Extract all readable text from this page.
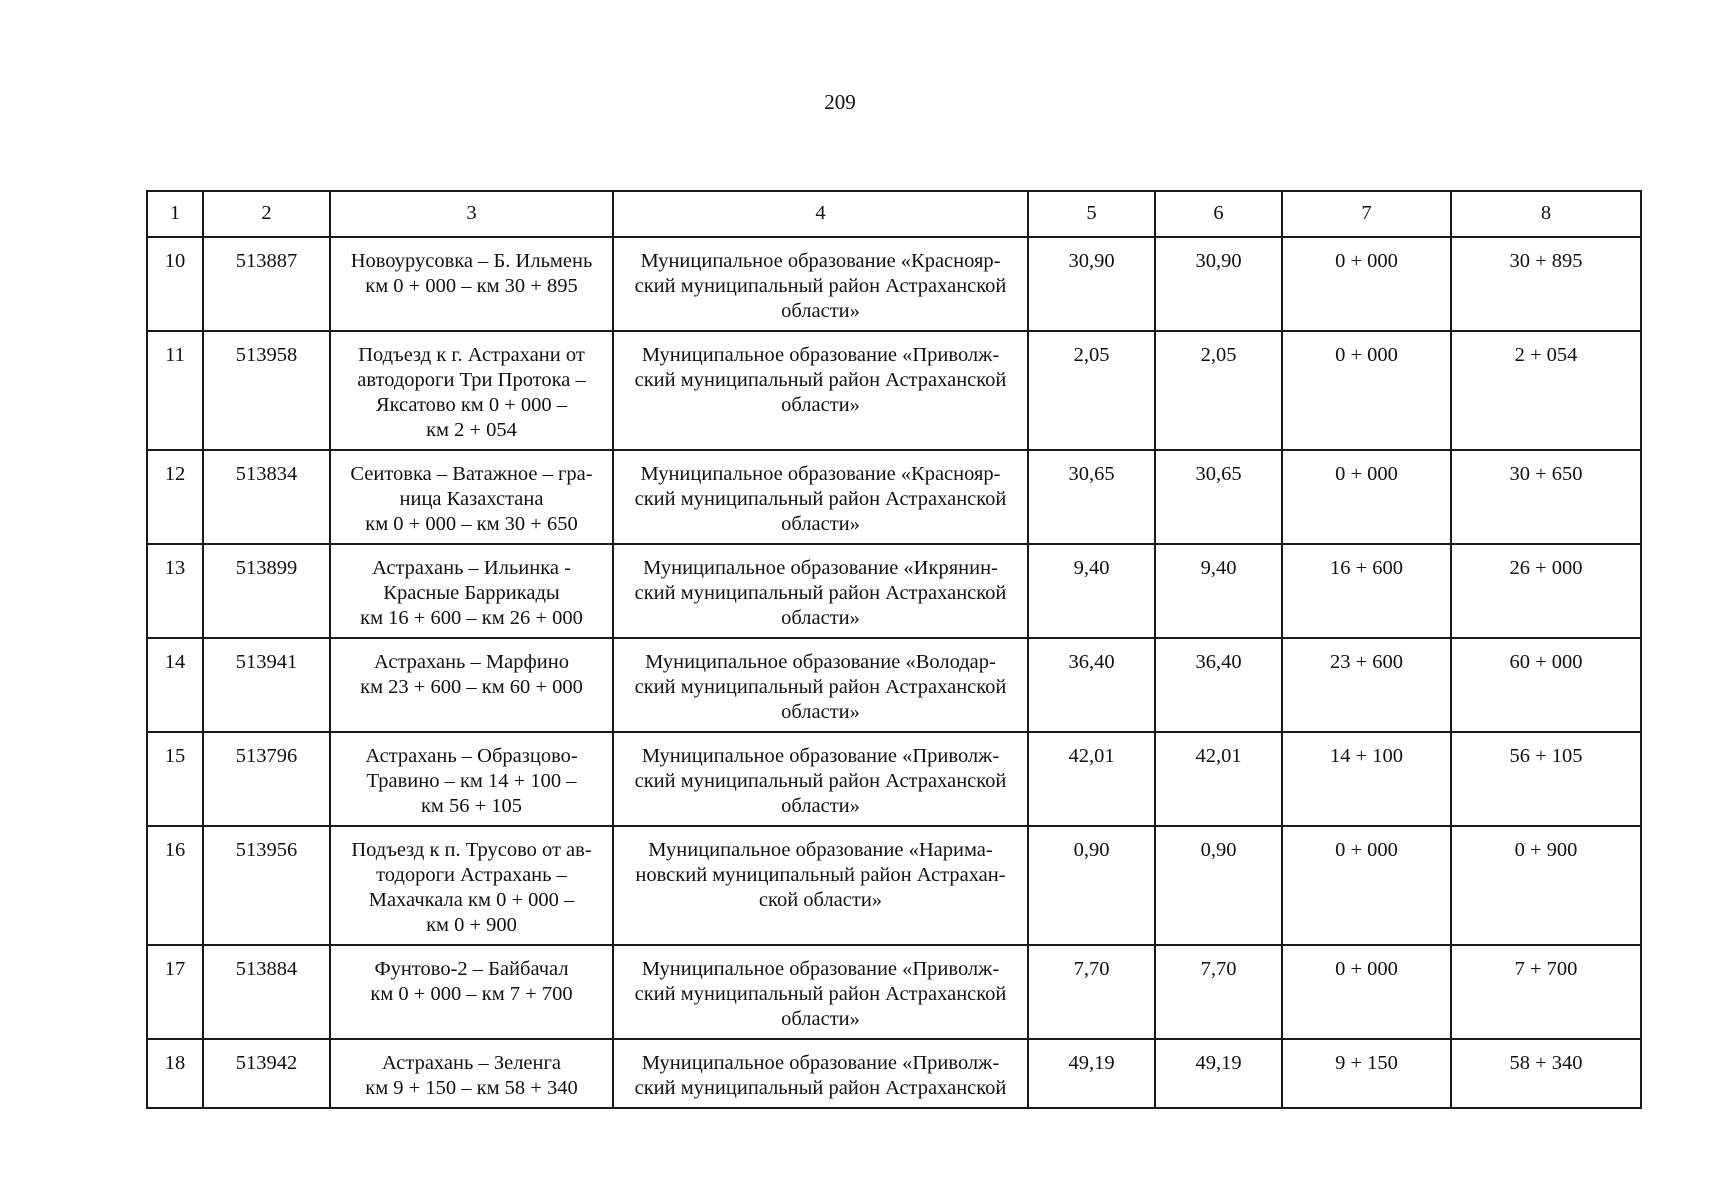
209
1	2	3	4	5	6	7	8
10	513887	Новоурусовка – Б. Ильмень
км 0 + 000 – км 30 + 895	Муниципальное образование «Краснояр-
ский муниципальный район Астраханской
области»	30,90	30,90	0 + 000	30 + 895
11	513958	Подъезд к г. Астрахани от
автодороги Три Протока –
Яксатово км 0 + 000 –
км 2 + 054	Муниципальное образование «Приволж-
ский муниципальный район Астраханской
области»	2,05	2,05	0 + 000	2 + 054
12	513834	Сеитовка – Ватажное – гра-
ница Казахстана
км 0 + 000 – км 30 + 650	Муниципальное образование «Краснояр-
ский муниципальный район Астраханской
области»	30,65	30,65	0 + 000	30 + 650
13	513899	Астрахань – Ильинка -
Красные Баррикады
км 16 + 600 – км 26 + 000	Муниципальное образование «Икрянин-
ский муниципальный район Астраханской
области»	9,40	9,40	16 + 600	26 + 000
14	513941	Астрахань – Марфино
км 23 + 600 – км 60 + 000	Муниципальное образование «Володар-
ский муниципальный район Астраханской
области»	36,40	36,40	23 + 600	60 + 000
15	513796	Астрахань – Образцово-
Травино – км 14 + 100 –
км 56 + 105	Муниципальное образование «Приволж-
ский муниципальный район Астраханской
области»	42,01	42,01	14 + 100	56 + 105
16	513956	Подъезд к п. Трусово от ав-
тодороги Астрахань –
Махачкала км 0 + 000 –
км 0 + 900	Муниципальное образование «Нарима-
новский муниципальный район Астрахан-
ской области»	0,90	0,90	0 + 000	0 + 900
17	513884	Фунтово-2 – Байбачал
км 0 + 000 – км 7 + 700	Муниципальное образование «Приволж-
ский муниципальный район Астраханской
области»	7,70	7,70	0 + 000	7 + 700
18	513942	Астрахань – Зеленга
км 9 + 150 – км 58 + 340	Муниципальное образование «Приволж-
ский муниципальный район Астраханской	49,19	49,19	9 + 150	58 + 340
